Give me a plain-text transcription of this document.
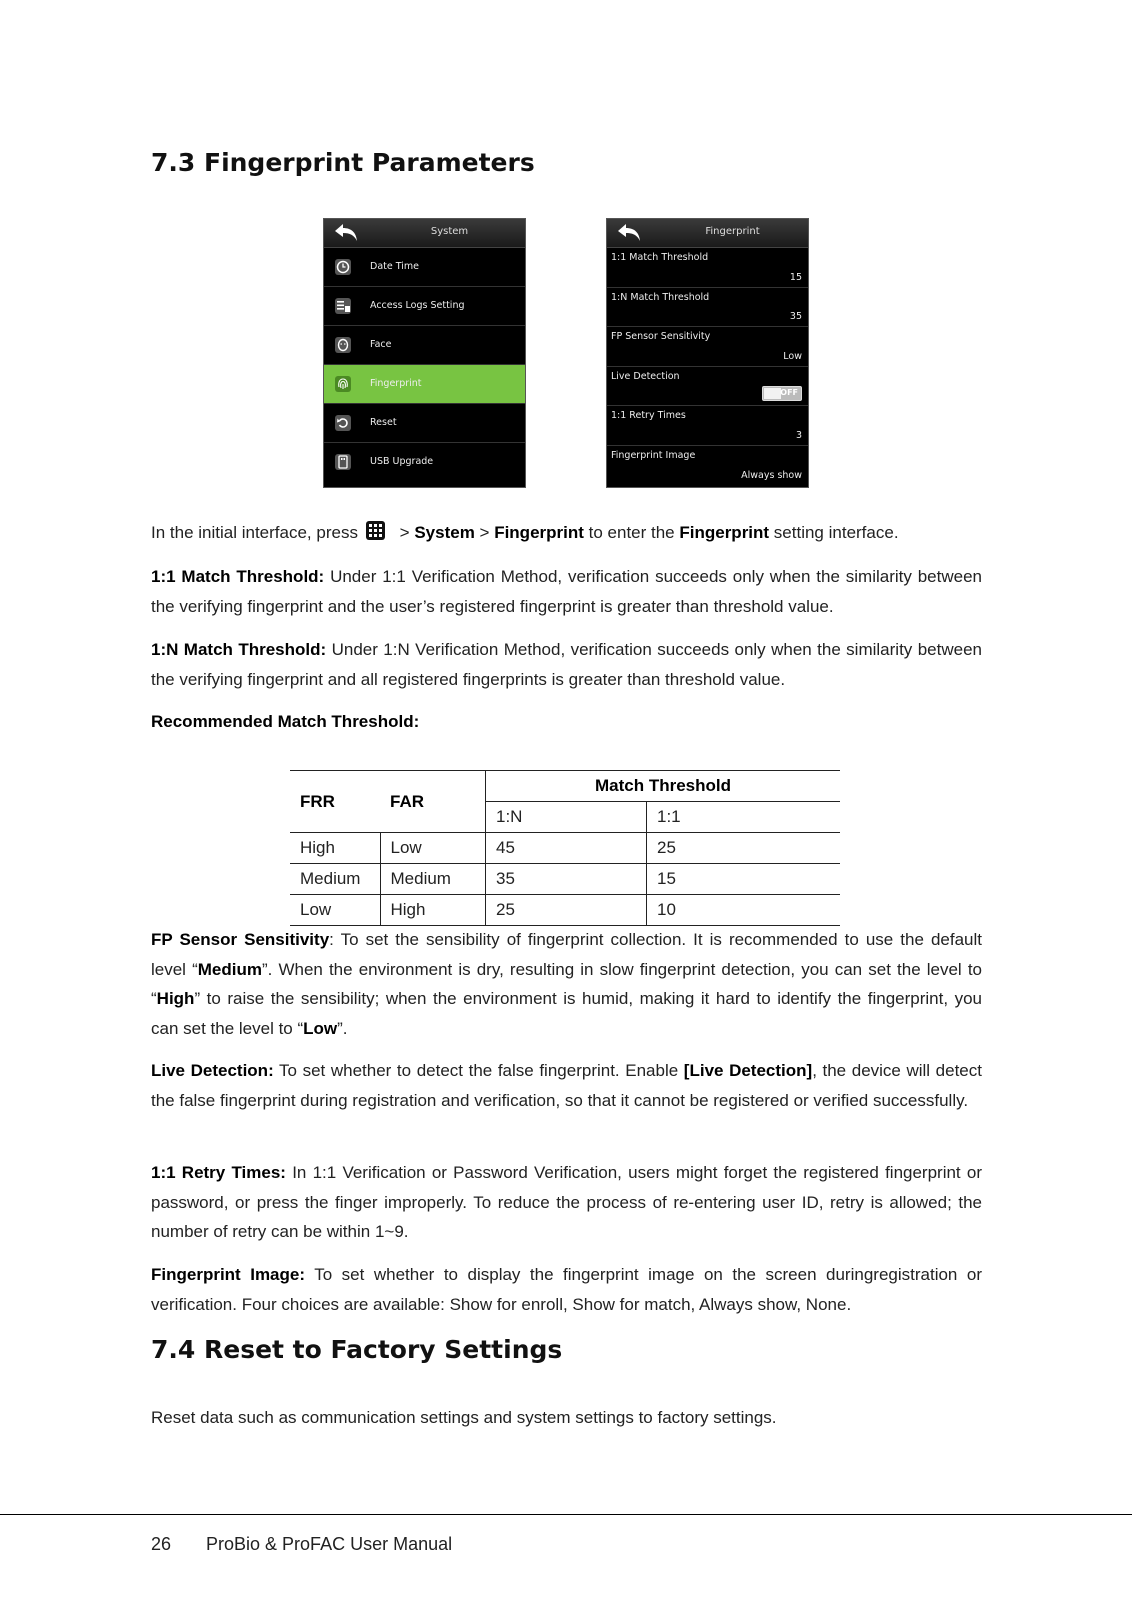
7.3 Fingerprint Parameters
System
Date Time
Access Logs Setting
Face
Fingerprint
Reset
USB Upgrade
Fingerprint
1:1 Match Threshold
15
1:N Match Threshold
35
FP Sensor Sensitivity
Low
Live Detection
OFF
1:1 Retry Times
3
Fingerprint Image
Always show

In the initial interface, press
> System > Fingerprint to enter the Fingerprint setting interface.

1:1 Match Threshold: Under 1:1 Verification Method, verification succeeds only when the similarity between the verifying fingerprint and the user’s registered fingerprint is greater than threshold value.

1:N Match Threshold: Under 1:N Verification Method, verification succeeds only when the similarity between the verifying fingerprint and all registered fingerprints is greater than threshold value.

Recommended Match Threshold:

FRR	FAR	Match Threshold	
		1:N	1:1
High	Low	45	25
Medium	Medium	35	15
Low	High	25	10

FP Sensor Sensitivity: To set the sensibility of fingerprint collection. It is recommended to use the default level “Medium”. When the environment is dry, resulting in slow fingerprint detection, you can set the level to “High” to raise the sensibility; when the environment is humid, making it hard to identify the fingerprint, you can set the level to “Low”.

Live Detection: To set whether to detect the false fingerprint. Enable [Live Detection], the device will detect the false fingerprint during registration and verification, so that it cannot be registered or verified successfully.

1:1 Retry Times: In 1:1 Verification or Password Verification, users might forget the registered fingerprint or password, or press the finger improperly. To reduce the process of re-entering user ID, retry is allowed; the number of retry can be within 1~9.

Fingerprint Image: To set whether to display the fingerprint image on the screen duringregistration or verification. Four choices are available: Show for enroll, Show for match, Always show, None.

7.4 Reset to Factory Settings

Reset data such as communication settings and system settings to factory settings.

26 ProBio & ProFAC User Manual
